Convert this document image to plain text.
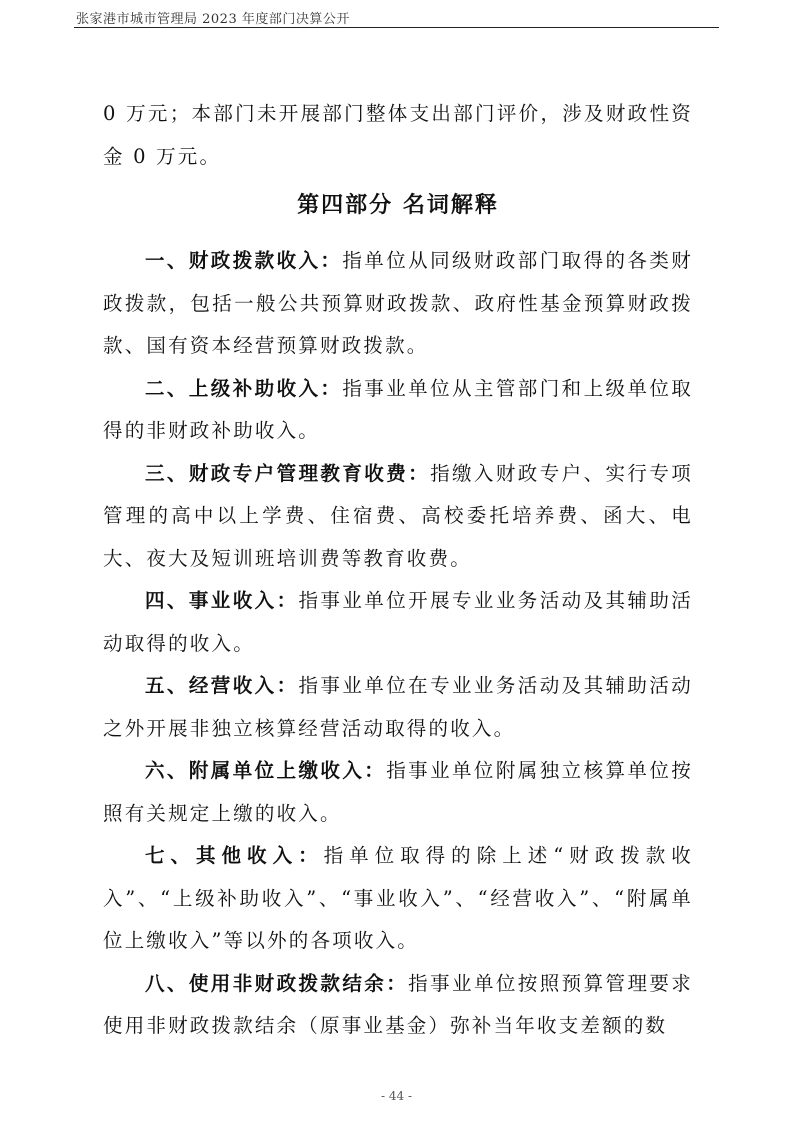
张家港市城市管理局 2023 年度部门决算公开

0 万元；本部门未开展部门整体支出部门评价，涉及财政性资金 0 万元。

第四部分 名词解释

一、财政拨款收入：指单位从同级财政部门取得的各类财政拨款，包括一般公共预算财政拨款、政府性基金预算财政拨款、国有资本经营预算财政拨款。

二、上级补助收入：指事业单位从主管部门和上级单位取得的非财政补助收入。

三、财政专户管理教育收费：指缴入财政专户、实行专项管理的高中以上学费、住宿费、高校委托培养费、函大、电大、夜大及短训班培训费等教育收费。

四、事业收入：指事业单位开展专业业务活动及其辅助活动取得的收入。

五、经营收入：指事业单位在专业业务活动及其辅助活动之外开展非独立核算经营活动取得的收入。

六、附属单位上缴收入：指事业单位附属独立核算单位按照有关规定上缴的收入。

七、其他收入：指单位取得的除上述“财政拨款收入”、“上级补助收入”、“事业收入”、“经营收入”、“附属单位上缴收入”等以外的各项收入。

八、使用非财政拨款结余：指事业单位按照预算管理要求使用非财政拨款结余（原事业基金）弥补当年收支差额的数

- 44 -
